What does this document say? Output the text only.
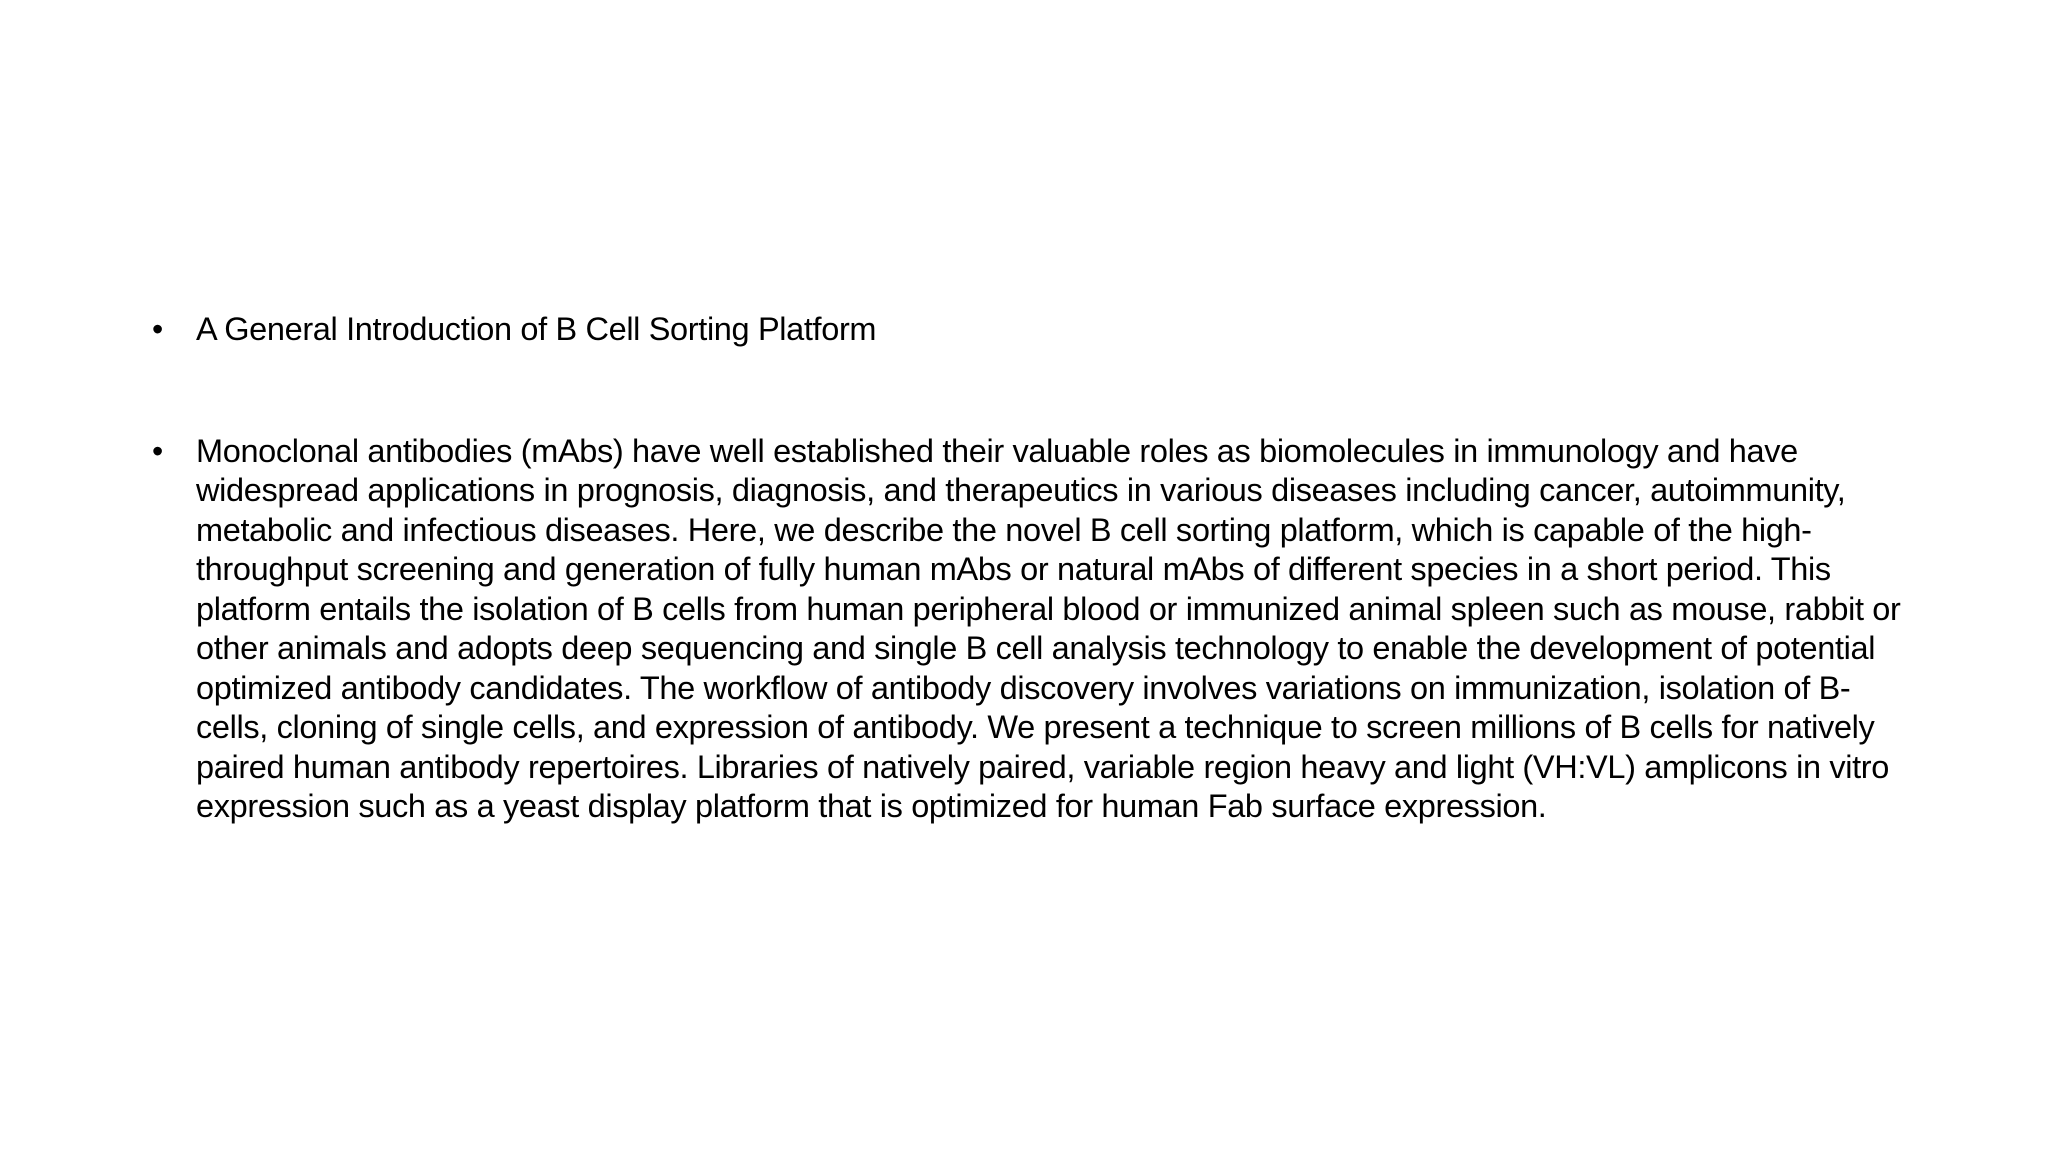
•	A General Introduction of B Cell Sorting Platform
•	Monoclonal antibodies (mAbs) have well established their valuable roles as biomolecules in immunology and have widespread applications in prognosis, diagnosis, and therapeutics in various diseases including cancer, autoimmunity, metabolic and infectious diseases. Here, we describe the novel B cell sorting platform, which is capable of the high-throughput screening and generation of fully human mAbs or natural mAbs of different species in a short period. This platform entails the isolation of B cells from human peripheral blood or immunized animal spleen such as mouse, rabbit or other animals and adopts deep sequencing and single B cell analysis technology to enable the development of potential optimized antibody candidates. The workflow of antibody discovery involves variations on immunization, isolation of B-cells, cloning of single cells, and expression of antibody. We present a technique to screen millions of B cells for natively paired human antibody repertoires. Libraries of natively paired, variable region heavy and light (VH:VL) amplicons in vitro expression such as a yeast display platform that is optimized for human Fab surface expression.
